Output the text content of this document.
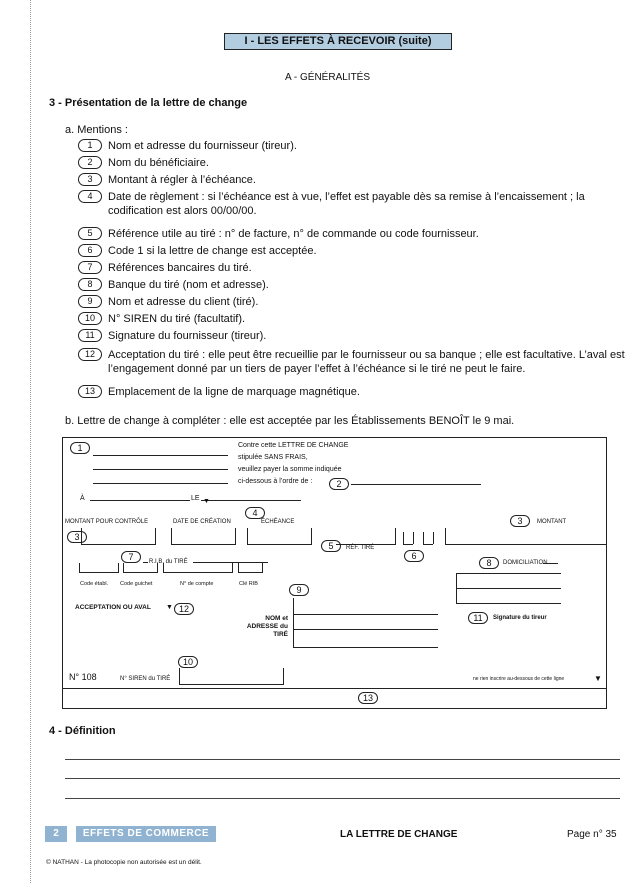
I - LES EFFETS À RECEVOIR (suite)
A - GÉNÉRALITÉS
3 - Présentation de la lettre de change
a. Mentions :
1	Nom et adresse du fournisseur (tireur).
2	Nom du bénéficiaire.
3	Montant à régler à l’échéance.
4	Date de règlement : si l’échéance est à vue, l’effet est payable dès sa remise à l’encaissement ; la codification est alors 00/00/00.
5	Référence utile au tiré : n° de facture, n° de commande ou code fournisseur.
6	Code 1 si la lettre de change est acceptée.
7	Références bancaires du tiré.
8	Banque du tiré (nom et adresse).
9	Nom et adresse du client (tiré).
10	N° SIREN du tiré (facultatif).
11	Signature du fournisseur (tireur).
12	Acceptation du tiré : elle peut être recueillie par le fournisseur ou sa banque ; elle est facultative. L’aval est l’engagement donné par un tiers de payer l’effet à l’échéance si le tiré ne peut le faire.
13	Emplacement de la ligne de marquage magnétique.
b. Lettre de change à compléter : elle est acceptée par les Établissements BENOÎT le 9 mai.
1	Contre cette LETTRE DE CHANGE
stipulée SANS FRAIS,
veuillez payer la somme indiquée
ci-dessous à l’ordre de :	2
À	LE ▼
4
MONTANT POUR CONTRÔLE	DATE DE CRÉATION	ÉCHÉANCE	3	MONTANT
3
5	RÉF. TIRÉ
6
7	R.I.B. du TIRÉ
Code établ. Code guichet	N° de compte	Clé RIB
8	DOMICILIATION
9
NOM et ADRESSE du TIRÉ
ACCEPTATION OU AVAL ▼ 12
11	Signature du tireur
10
N° 108	N° SIREN du TIRÉ	ne rien inscrire au-dessous de cette ligne	▼
13
4 - Définition
2	EFFETS DE COMMERCE	LA LETTRE DE CHANGE	Page n° 35
© NATHAN - La photocopie non autorisée est un délit.
